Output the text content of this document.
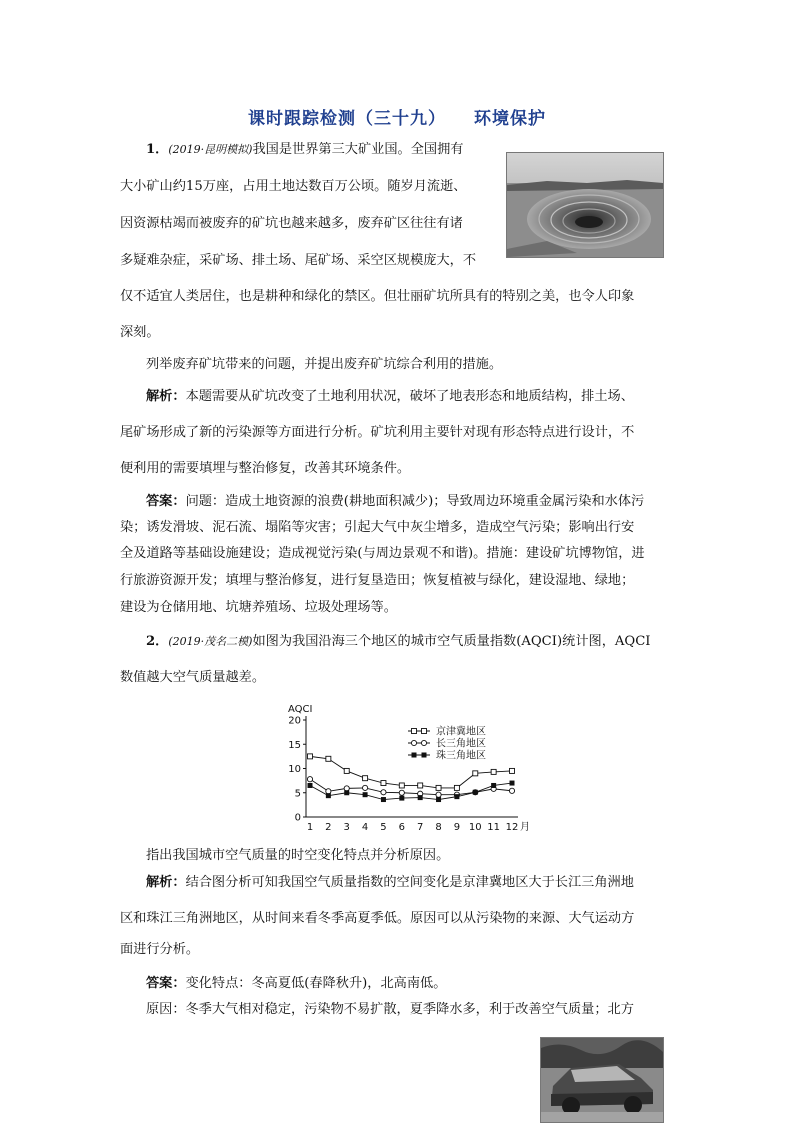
课时跟踪检测（三十九） 环境保护
1．(2019·昆明模拟)我国是世界第三大矿业国。全国拥有
大小矿山约15万座，占用土地达数百万公顷。随岁月流逝、
因资源枯竭而被废弃的矿坑也越来越多，废弃矿区往往有诸
多疑难杂症，采矿场、排土场、尾矿场、采空区规模庞大，不
仅不适宜人类居住，也是耕种和绿化的禁区。但壮丽矿坑所具有的特别之美，也令人印象
深刻。
列举废弃矿坑带来的问题，并提出废弃矿坑综合利用的措施。
解析：本题需要从矿坑改变了土地利用状况，破坏了地表形态和地质结构，排土场、
尾矿场形成了新的污染源等方面进行分析。矿坑利用主要针对现有形态特点进行设计，不
便利用的需要填埋与整治修复，改善其环境条件。
答案：问题：造成土地资源的浪费(耕地面积减少)；导致周边环境重金属污染和水体污
染；诱发滑坡、泥石流、塌陷等灾害；引起大气中灰尘增多，造成空气污染；影响出行安
全及道路等基础设施建设；造成视觉污染(与周边景观不和谐)。措施：建设矿坑博物馆，进
行旅游资源开发；填埋与整治修复，进行复垦造田；恢复植被与绿化，建设湿地、绿地；
建设为仓储用地、坑塘养殖场、垃圾处理场等。
2．(2019·茂名二模)如图为我国沿海三个地区的城市空气质量指数(AQCI)统计图，AQCI
数值越大空气质量越差。
AQCI
0
5
10
15
20
1 2 3 4 5 6 7 8 9 10 11 12 月
京津冀地区
长三角地区
珠三角地区
指出我国城市空气质量的时空变化特点并分析原因。
解析：结合图分析可知我国空气质量指数的空间变化是京津冀地区大于长江三角洲地
区和珠江三角洲地区，从时间来看冬季高夏季低。原因可以从污染物的来源、大气运动方
面进行分析。
答案：变化特点：冬高夏低(春降秋升)，北高南低。
原因：冬季大气相对稳定，污染物不易扩散，夏季降水多，利于改善空气质量；北方
